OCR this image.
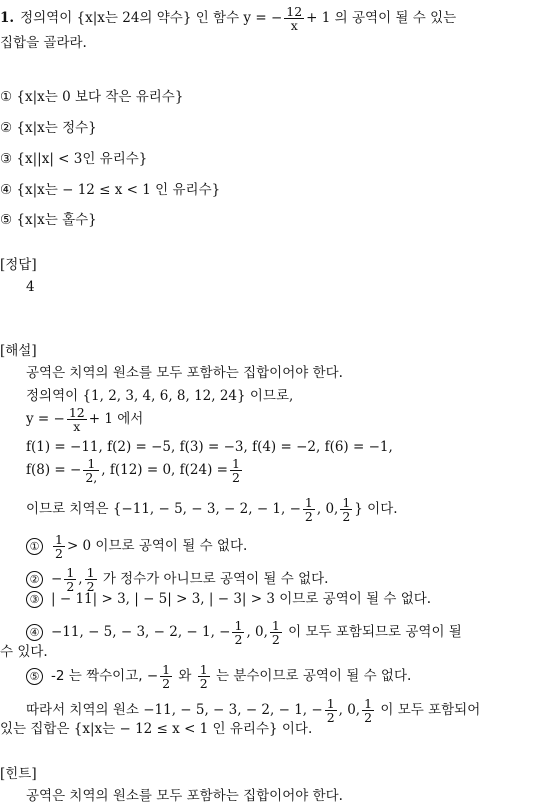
1. 정의역이 {x|x는 24의 약수} 인 함수 y = − $\frac{12}{x} + 1$ 의 공역이 될 수 있는
집합을 골라라.
① {x|x는 0 보다 작은 유리수}
② {x|x는 정수}
③ {x||x| < 3인 유리수}
④ {x|x는 − 12 ≤ x < 1 인 유리수}
⑤ {x|x는 홀수}
[정답]
4
[해설]
공역은 치역의 원소를 모두 포함하는 집합이어야 한다.
정의역이 {1, 2, 3, 4, 6, 8, 12, 24} 이므로,
y = − $\frac{12}{x} + 1$ 에서
f(1) = −11, f(2) = −5, f(3) = −3, f(4) = −2, f(6) = −1,
f(8) = − $\frac{1}{2,}$ , f(12) = 0, $f(24) = \frac{1}{2}$
이므로 치역은 {−11, − 5, − 3, − 2, − 1, − $\frac{1}{2}$ , 0, $\frac{1}{2}$ } 이다.
① $\frac{1}{2} > 0$ 이므로 공역이 될 수 없다.
② − $\frac{1}{2}$ , $\frac{1}{2}$ 가 정수가 아니므로 공역이 될 수 없다.
③ | − 11| > 3, | − 5| > 3, | − 3| > 3 이므로 공역이 될 수 없다.
④ −11, − 5, − 3, − 2, − 1, − $\frac{1}{2}$ , 0, $\frac{1}{2}$ 이 모두 포함되므로 공역이 될
수 있다.
⑤ -2 는 짝수이고, − $\frac{1}{2}$ 와 $\frac{1}{2}$ 는 분수이므로 공역이 될 수 없다.
따라서 치역의 원소 −11, − 5, − 3, − 2, − 1, − $\frac{1}{2}$ , 0, $\frac{1}{2}$ 이 모두 포함되어
있는 집합은 {x|x는 − 12 ≤ x < 1 인 유리수} 이다.
[힌트]
공역은 치역의 원소를 모두 포함하는 집합이어야 한다.
